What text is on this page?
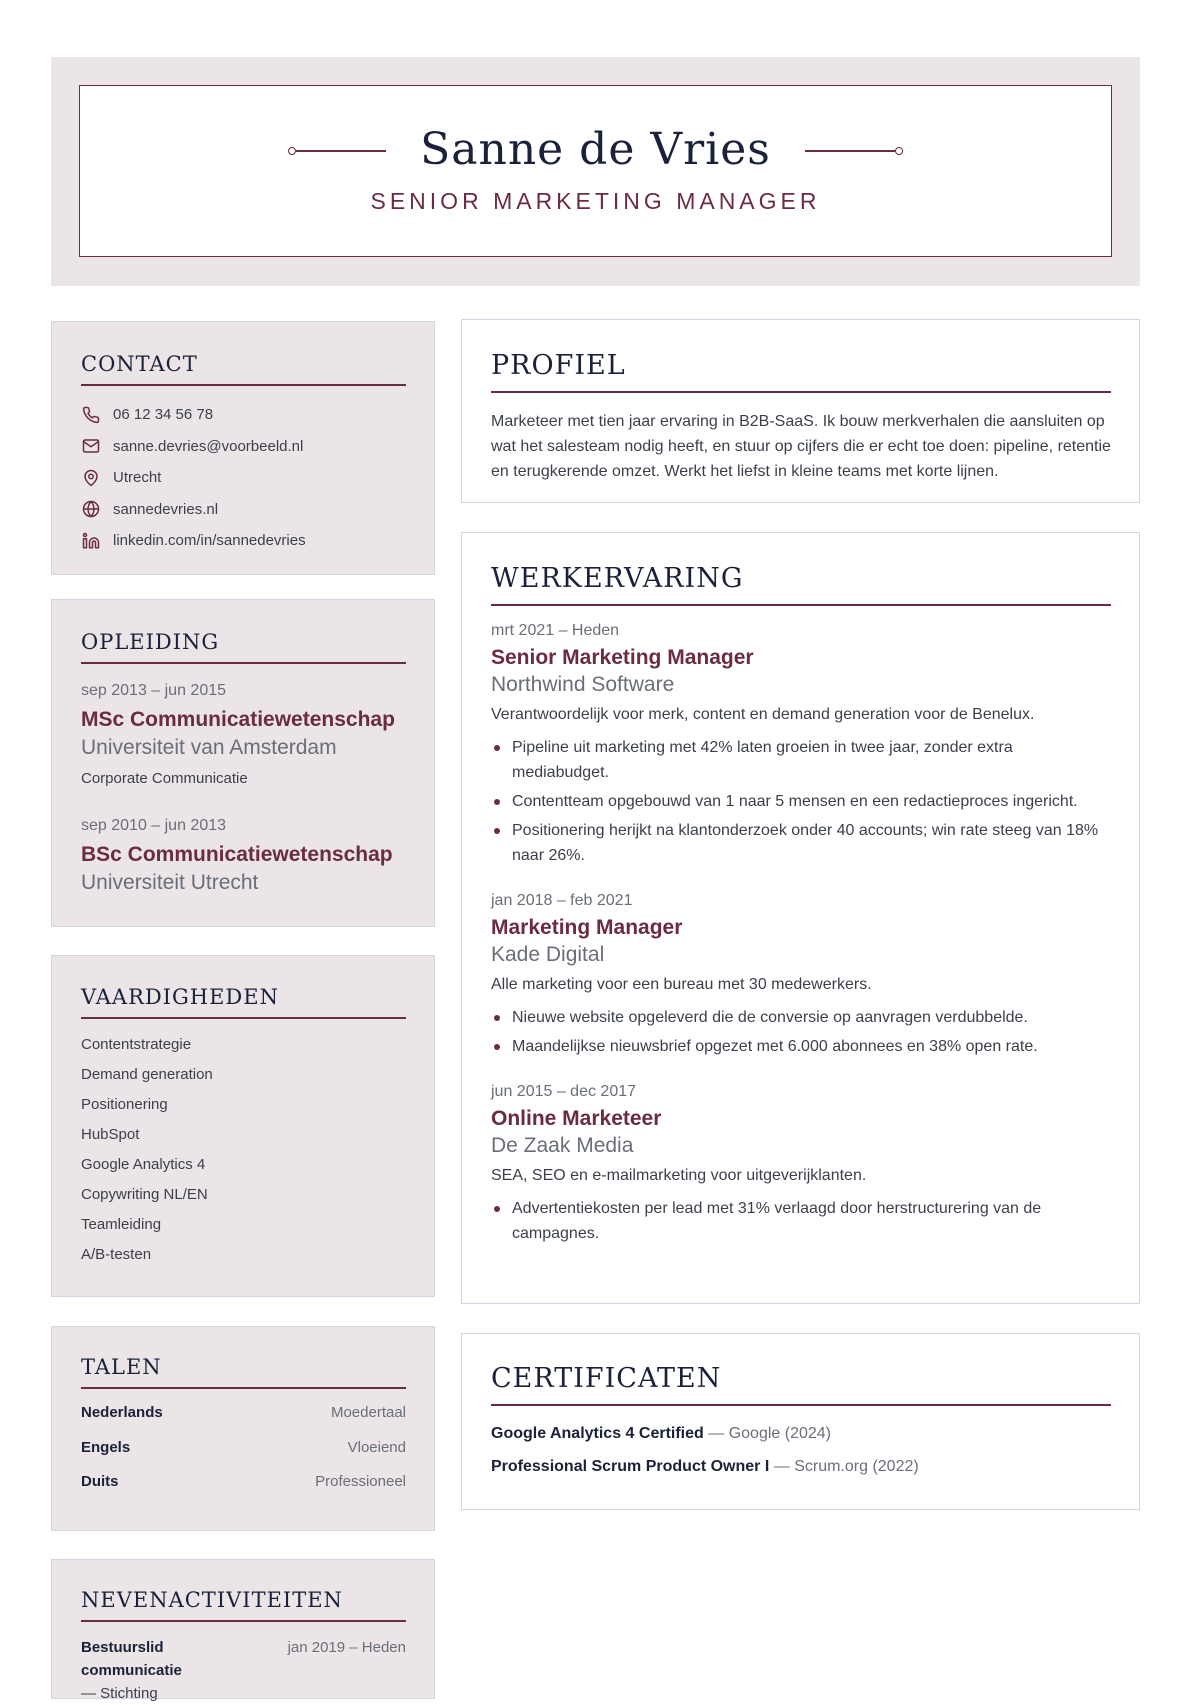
Sanne de Vries
SENIOR MARKETING MANAGER
CONTACT
06 12 34 56 78
sanne.devries@voorbeeld.nl
Utrecht
sannedevries.nl
linkedin.com/in/sannedevries
OPLEIDING
sep 2013 – jun 2015
MSc Communicatiewetenschap
Universiteit van Amsterdam
Corporate Communicatie
sep 2010 – jun 2013
BSc Communicatiewetenschap
Universiteit Utrecht
VAARDIGHEDEN
Contentstrategie
Demand generation
Positionering
HubSpot
Google Analytics 4
Copywriting NL/EN
Teamleiding
A/B-testen
TALEN
Nederlands	Moedertaal
Engels	Vloeiend
Duits	Professioneel
NEVENACTIVITEITEN
Bestuurslid communicatie
— Stichting
jan 2019 – Heden
PROFIEL

Marketeer met tien jaar ervaring in B2B-SaaS. Ik bouw merkverhalen die aansluiten op wat het salesteam nodig heeft, en stuur op cijfers die er echt toe doen: pipeline, retentie en terugkerende omzet. Werkt het liefst in kleine teams met korte lijnen.

WERKERVARING
mrt 2021 – Heden
Senior Marketing Manager
Northwind Software
Verantwoordelijk voor merk, content en demand generation voor de Benelux.
Pipeline uit marketing met 42% laten groeien in twee jaar, zonder extra mediabudget.
Contentteam opgebouwd van 1 naar 5 mensen en een redactieproces ingericht.
Positionering herijkt na klantonderzoek onder 40 accounts; win rate steeg van 18% naar 26%.
jan 2018 – feb 2021
Marketing Manager
Kade Digital
Alle marketing voor een bureau met 30 medewerkers.
Nieuwe website opgeleverd die de conversie op aanvragen verdubbelde.
Maandelijkse nieuwsbrief opgezet met 6.000 abonnees en 38% open rate.
jun 2015 – dec 2017
Online Marketeer
De Zaak Media
SEA, SEO en e-mailmarketing voor uitgeverijklanten.
Advertentiekosten per lead met 31% verlaagd door herstructurering van de campagnes.
CERTIFICATEN
Google Analytics 4 Certified — Google (2024)
Professional Scrum Product Owner I — Scrum.org (2022)
